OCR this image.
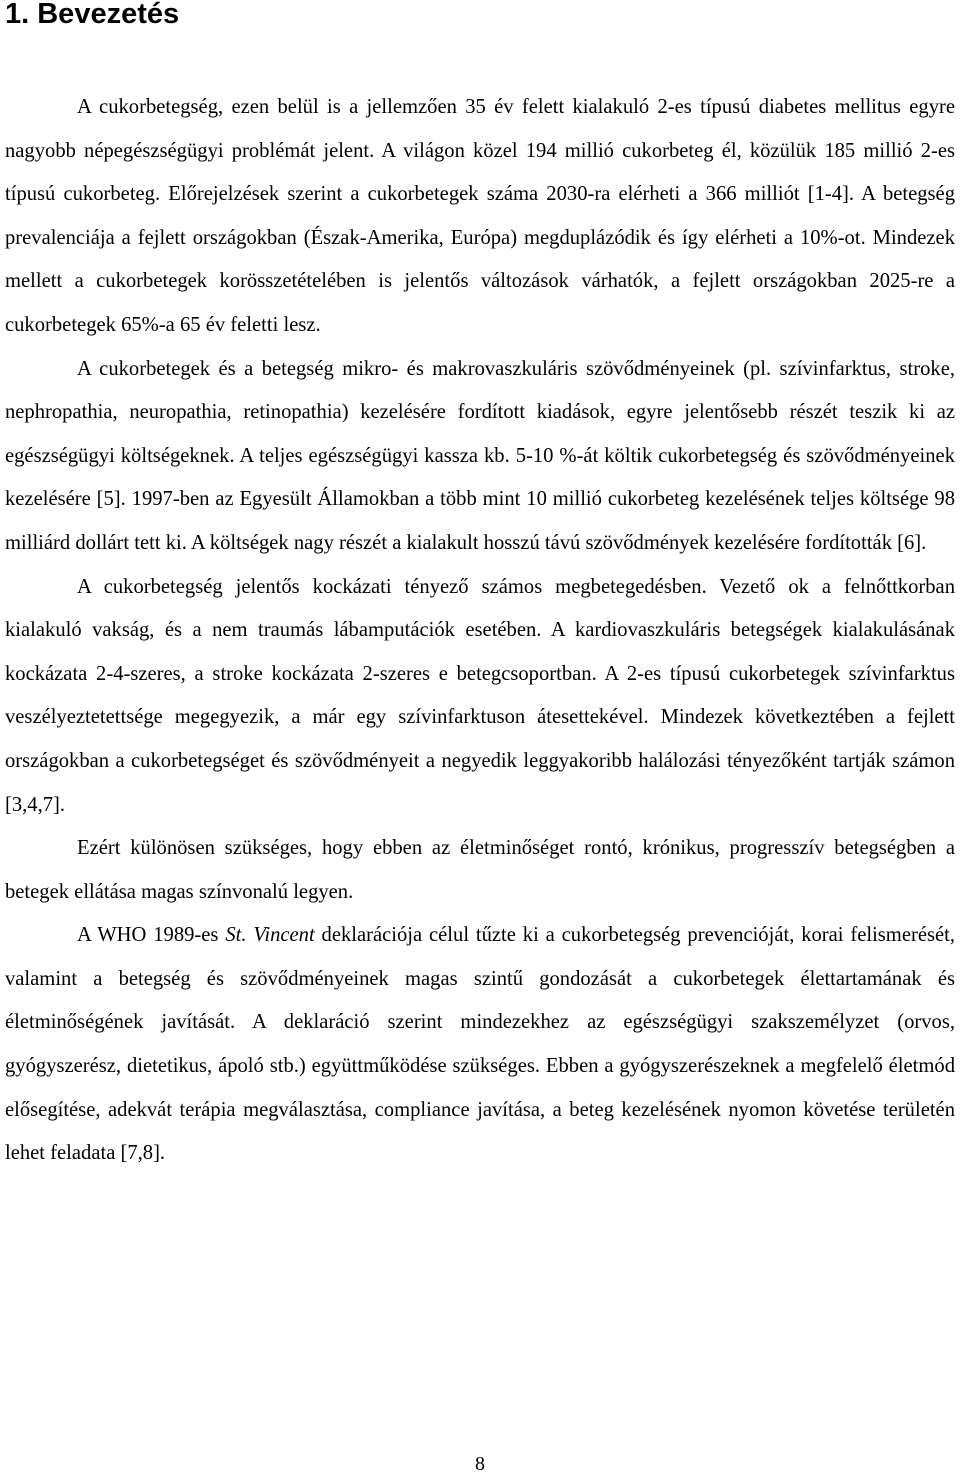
1. Bevezetés

A cukorbetegség, ezen belül is a jellemzően 35 év felett kialakuló 2-es típusú diabetes mellitus egyre nagyobb népegészségügyi problémát jelent. A világon közel 194 millió cukorbeteg él, közülük 185 millió 2-es típusú cukorbeteg. Előrejelzések szerint a cukorbetegek száma 2030-ra elérheti a 366 milliót [1-4]. A betegség prevalenciája a fejlett országokban (Észak-Amerika, Európa) megduplázódik és így elérheti a 10%-ot. Mindezek mellett a cukorbetegek korösszetételében is jelentős változások várhatók, a fejlett országokban 2025-re a cukorbetegek 65%-a 65 év feletti lesz.

A cukorbetegek és a betegség mikro- és makrovaszkuláris szövődményeinek (pl. szívinfarktus, stroke, nephropathia, neuropathia, retinopathia) kezelésére fordított kiadások, egyre jelentősebb részét teszik ki az egészségügyi költségeknek. A teljes egészségügyi kassza kb. 5-10 %-át költik cukorbetegség és szövődményeinek kezelésére [5]. 1997-ben az Egyesült Államokban a több mint 10 millió cukorbeteg kezelésének teljes költsége 98 milliárd dollárt tett ki. A költségek nagy részét a kialakult hosszú távú szövődmények kezelésére fordították [6].

A cukorbetegség jelentős kockázati tényező számos megbetegedésben. Vezető ok a felnőttkorban kialakuló vakság, és a nem traumás lábamputációk esetében. A kardiovaszkuláris betegségek kialakulásának kockázata 2-4-szeres, a stroke kockázata 2-szeres e betegcsoportban. A 2-es típusú cukorbetegek szívinfarktus veszélyeztetettsége megegyezik, a már egy szívinfarktuson átesettekével. Mindezek következtében a fejlett országokban a cukorbetegséget és szövődményeit a negyedik leggyakoribb halálozási tényezőként tartják számon [3,4,7].

Ezért különösen szükséges, hogy ebben az életminőséget rontó, krónikus, progresszív betegségben a betegek ellátása magas színvonalú legyen.

A WHO 1989-es St. Vincent deklarációja célul tűzte ki a cukorbetegség prevencióját, korai felismerését, valamint a betegség és szövődményeinek magas szintű gondozását a cukorbetegek élettartamának és életminőségének javítását. A deklaráció szerint mindezekhez az egészségügyi szakszemélyzet (orvos, gyógyszerész, dietetikus, ápoló stb.) együttműködése szükséges. Ebben a gyógyszerészeknek a megfelelő életmód elősegítése, adekvát terápia megválasztása, compliance javítása, a beteg kezelésének nyomon követése területén lehet feladata [7,8].

8
